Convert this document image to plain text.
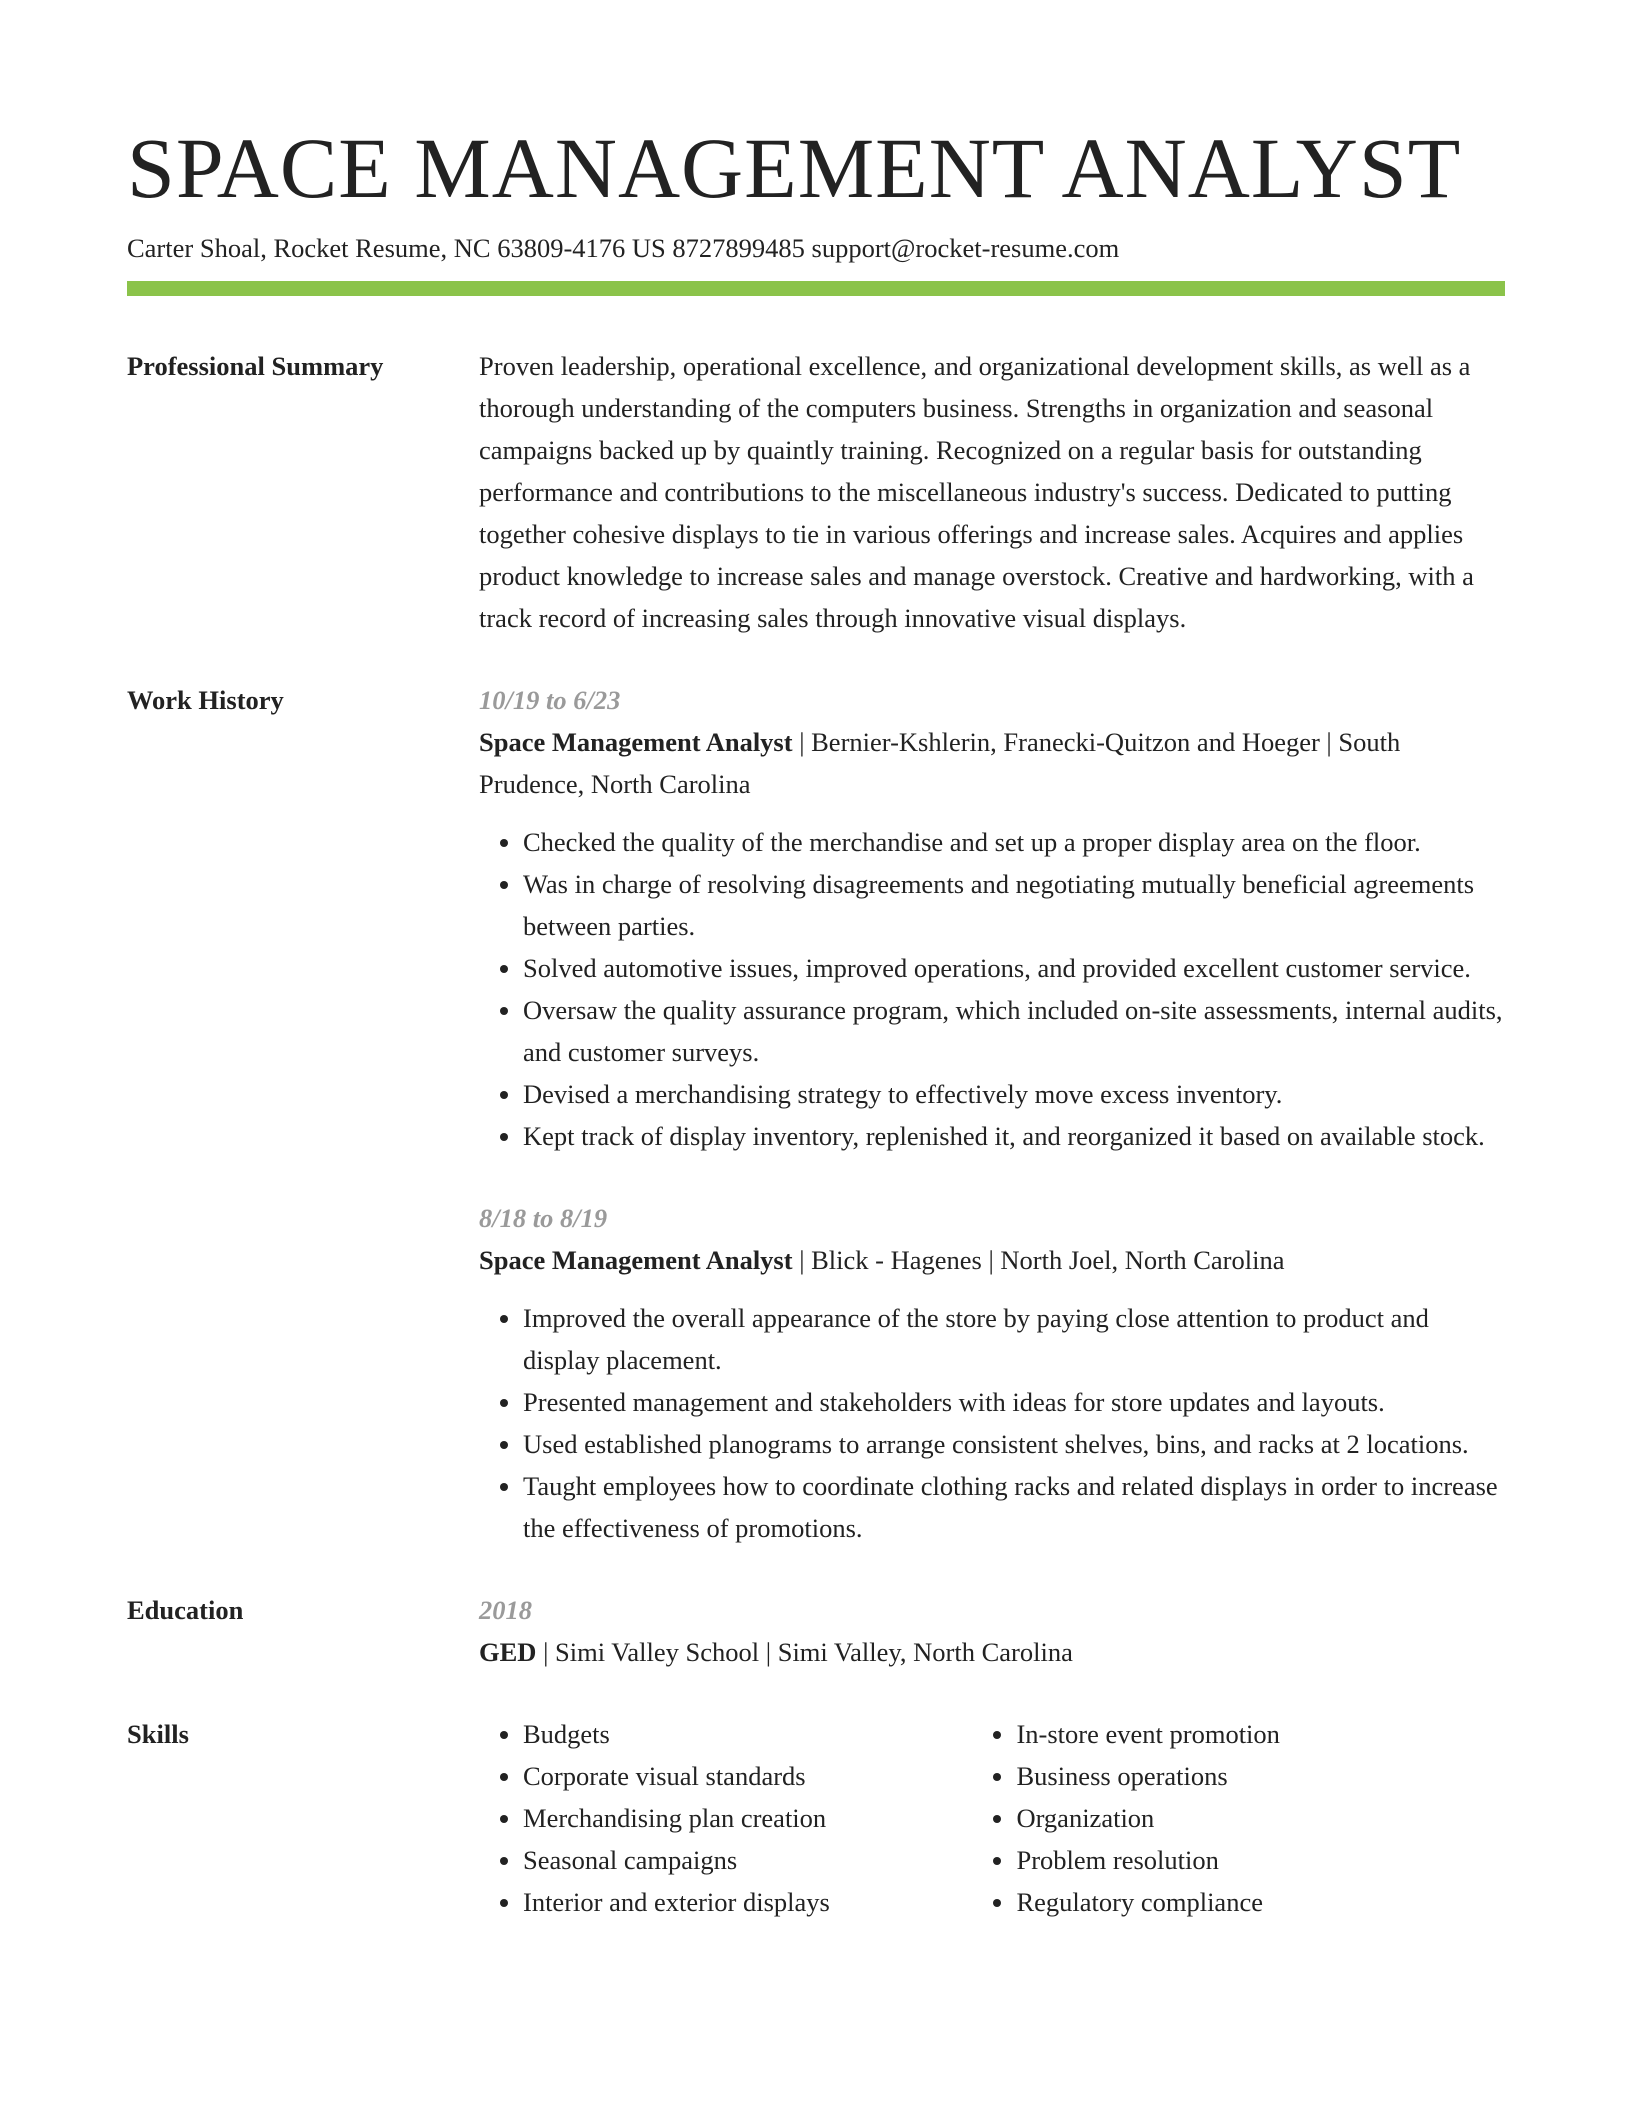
SPACE MANAGEMENT ANALYST
Carter Shoal, Rocket Resume, NC 63809-4176 US 8727899485 support@rocket-resume.com
Professional Summary	Proven leadership, operational excellence, and organizational development skills, as well as a thorough understanding of the computers business. Strengths in organization and seasonal campaigns backed up by quaintly training. Recognized on a regular basis for outstanding performance and contributions to the miscellaneous industry's success. Dedicated to putting together cohesive displays to tie in various offerings and increase sales. Acquires and applies product knowledge to increase sales and manage overstock. Creative and hardworking, with a track record of increasing sales through innovative visual displays.
Work History	10/19 to 6/23
Space Management Analyst | Bernier-Kshlerin, Franecki-Quitzon and Hoeger | South Prudence, North Carolina
• Checked the quality of the merchandise and set up a proper display area on the floor.
• Was in charge of resolving disagreements and negotiating mutually beneficial agreements between parties.
• Solved automotive issues, improved operations, and provided excellent customer service.
• Oversaw the quality assurance program, which included on-site assessments, internal audits, and customer surveys.
• Devised a merchandising strategy to effectively move excess inventory.
• Kept track of display inventory, replenished it, and reorganized it based on available stock.
8/18 to 8/19
Space Management Analyst | Blick - Hagenes | North Joel, North Carolina
• Improved the overall appearance of the store by paying close attention to product and display placement.
• Presented management and stakeholders with ideas for store updates and layouts.
• Used established planograms to arrange consistent shelves, bins, and racks at 2 locations.
• Taught employees how to coordinate clothing racks and related displays in order to increase the effectiveness of promotions.
Education	2018
GED | Simi Valley School | Simi Valley, North Carolina
Skills
•	Budgets
• Corporate visual standards
• Merchandising plan creation
• Seasonal campaigns
• Interior and exterior displays
• In-store event promotion
• Business operations
• Organization
• Problem resolution
• Regulatory compliance
